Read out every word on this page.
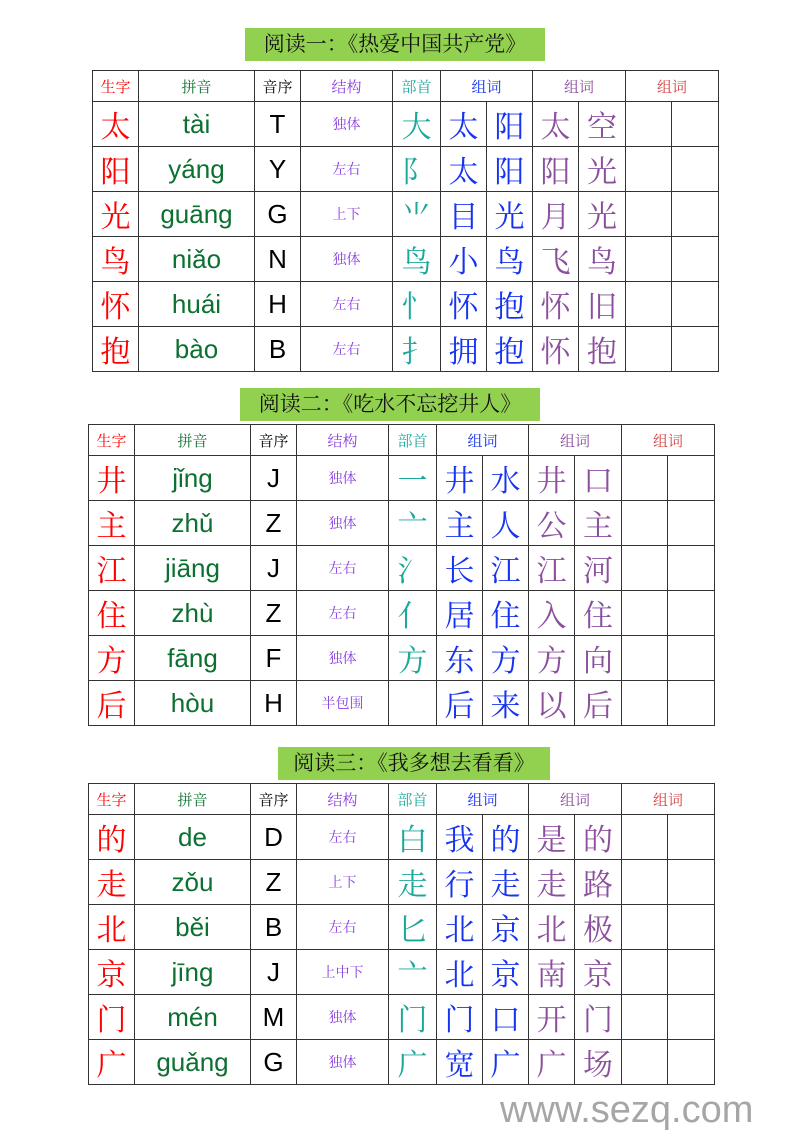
阅读一：《热爱中国共产党》
生字	拼音	音序	结构	部首	组词		组词		组词	
太	tài	T	独体	大	太	阳	太	空		
阳	yáng	Y	左右	阝	太	阳	阳	光		
光	guāng	G	上下	⺌	目	光	月	光		
鸟	niǎo	N	独体	鸟	小	鸟	飞	鸟		
怀	huái	H	左右	忄	怀	抱	怀	旧		
抱	bào	B	左右	扌	拥	抱	怀	抱		
阅读二：《吃水不忘挖井人》
生字	拼音	音序	结构	部首	组词		组词		组词	
井	jǐng	J	独体	一	井	水	井	口		
主	zhǔ	Z	独体	亠	主	人	公	主		
江	jiāng	J	左右	氵	长	江	江	河		
住	zhù	Z	左右	亻	居	住	入	住		
方	fāng	F	独体	方	东	方	方	向		
后	hòu	H	半包围		后	来	以	后		
阅读三：《我多想去看看》
生字	拼音	音序	结构	部首	组词		组词		组词	
的	de	D	左右	白	我	的	是	的		
走	zǒu	Z	上下	走	行	走	走	路		
北	běi	B	左右	匕	北	京	北	极		
京	jīng	J	上中下	亠	北	京	南	京		
门	mén	M	独体	门	门	口	开	门		
广	guǎng	G	独体	广	宽	广	广	场		
www.sezq.com
